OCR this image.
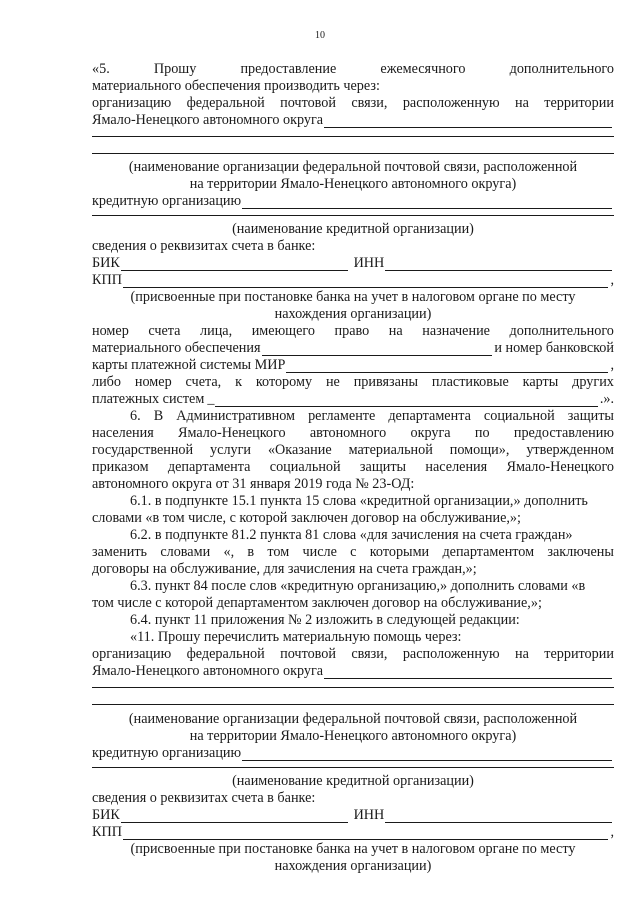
10
«5.	Прошу	предоставление	ежемесячного	дополнительного
материального обеспечения производить через:
организацию федеральной почтовой связи, расположенную на территории
Ямало-Ненецкого автономного округа
(наименование организации федеральной почтовой связи, расположенной
на территории Ямало-Ненецкого автономного округа)
кредитную организацию
(наименование кредитной организации)
сведения о реквизитах счета в банке:
БИК	ИНН
КПП	,
(присвоенные при постановке банка на учет в налоговом органе по месту
нахождения организации)
номер счета лица, имеющего право на назначение дополнительного
материального обеспечения	и номер банковской
карты платежной системы МИР	,
либо номер счета, к которому не привязаны пластиковые карты других
платежных систем _	.».
6. В Административном регламенте департамента социальной защиты
населения Ямало-Ненецкого автономного округа по предоставлению
государственной услуги «Оказание материальной помощи», утвержденном
приказом департамента социальной защиты населения Ямало-Ненецкого
автономного округа от 31 января 2019 года № 23-ОД:
6.1. в подпункте 15.1 пункта 15 слова «кредитной организации,» дополнить
словами «в том числе, с которой заключен договор на обслуживание,»;
6.2. в подпункте 81.2 пункта 81 слова «для зачисления на счета граждан»
заменить словами «, в том числе с которыми департаментом заключены
договоры на обслуживание, для зачисления на счета граждан,»;
6.3. пункт 84 после слов «кредитную организацию,» дополнить словами «в
том числе с которой департаментом заключен договор на обслуживание,»;
6.4. пункт 11 приложения № 2 изложить в следующей редакции:
«11. Прошу перечислить материальную помощь через:
организацию федеральной почтовой связи, расположенную на территории
Ямало-Ненецкого автономного округа
(наименование организации федеральной почтовой связи, расположенной
на территории Ямало-Ненецкого автономного округа)
кредитную организацию
(наименование кредитной организации)
сведения о реквизитах счета в банке:
БИК	ИНН
КПП	,
(присвоенные при постановке банка на учет в налоговом органе по месту
нахождения организации)
